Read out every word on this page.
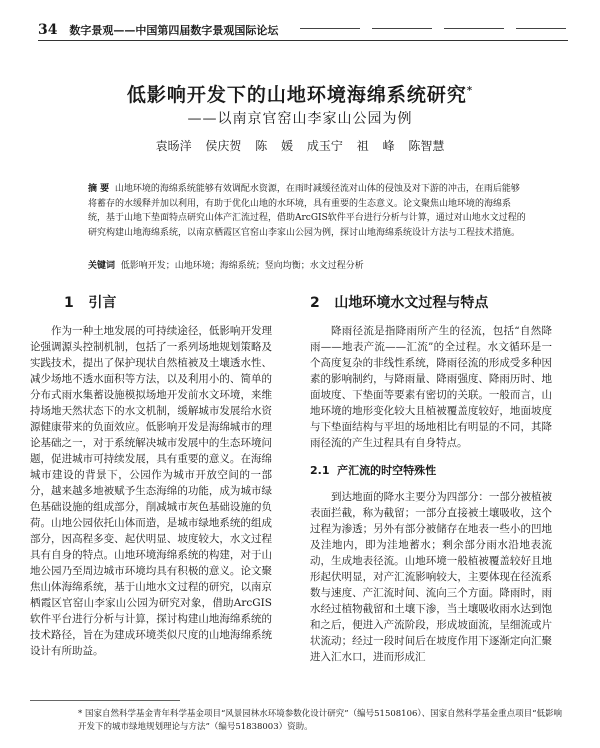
34 数字景观——中国第四届数字景观国际论坛
低影响开发下的山地环境海绵系统研究*
——以南京官窑山李家山公园为例
袁旸洋 侯庆贺 陈 媛 成玉宁 祖 峰 陈智慧
摘 要 山地环境的海绵系统能够有效调配水资源，在雨时减缓径流对山体的侵蚀及对下游的冲击，在雨后能够将蓄存的水缓释并加以利用，有助于优化山地的水环境，具有重要的生态意义。论文聚焦山地环境的海绵系统，基于山地下垫面特点研究山体产汇流过程，借助ArcGIS软件平台进行分析与计算，通过对山地水文过程的研究构建山地海绵系统，以南京栖霞区官窑山李家山公园为例，探讨山地海绵系统设计方法与工程技术措施。
关键词 低影响开发；山地环境；海绵系统；竖向均衡；水文过程分析
1 引言

作为一种土地发展的可持续途径，低影响开发理论强调源头控制机制，包括了一系列场地规划策略及实践技术，提出了保护现状自然植被及土壤透水性、减少场地不透水面积等方法，以及利用小的、简单的分布式雨水集蓄设施模拟场地开发前水文环境，来维持场地天然状态下的水文机制，缓解城市发展给水资源健康带来的负面效应。低影响开发是海绵城市的理论基础之一，对于系统解决城市发展中的生态环境问题，促进城市可持续发展，具有重要的意义。在海绵城市建设的背景下，公园作为城市开放空间的一部分，越来越多地被赋予生态海绵的功能，成为城市绿色基础设施的组成部分，削减城市灰色基础设施的负荷。山地公园依托山体而造，是城市绿地系统的组成部分，因高程多变、起伏明显、坡度较大，水文过程具有自身的特点。山地环境海绵系统的构建，对于山地公园乃至周边城市环境均具有积极的意义。论文聚焦山体海绵系统，基于山地水文过程的研究，以南京栖霞区官窑山李家山公园为研究对象，借助ArcGIS软件平台进行分析与计算，探讨构建山地海绵系统的技术路径，旨在为建成环境类似尺度的山地海绵系统设计有所助益。

2 山地环境水文过程与特点

降雨径流是指降雨所产生的径流，包括“自然降雨——地表产流——汇流”的全过程。水文循环是一个高度复杂的非线性系统，降雨径流的形成受多种因素的影响制约，与降雨量、降雨强度、降雨历时、地面坡度、下垫面等要素有密切的关联。一般而言，山地环境的地形变化较大且植被覆盖度较好，地面坡度与下垫面结构与平坦的场地相比有明显的不同，其降雨径流的产生过程具有自身特点。

2.1 产汇流的时空特殊性

到达地面的降水主要分为四部分：一部分被植被表面拦截，称为截留；一部分直接被土壤吸收，这个过程为渗透；另外有部分被储存在地表一些小的凹地及洼地内，即为洼地蓄水；剩余部分雨水沿地表流动，生成地表径流。山地环境一般植被覆盖较好且地形起伏明显，对产汇流影响较大，主要体现在径流系数与速度、产汇流时间、流向三个方面。降雨时，雨水经过植物截留和土壤下渗，当土壤吸收雨水达到饱和之后，便进入产流阶段，形成坡面流，呈细流或片状流动；经过一段时间后在坡度作用下逐渐定向汇聚进入汇水口，进而形成汇

* 国家自然科学基金青年科学基金项目“风景园林水环境参数化设计研究”（编号51508106）、国家自然科学基金重点项目“低影响开发下的城市绿地规划理论与方法”（编号51838003）资助。
